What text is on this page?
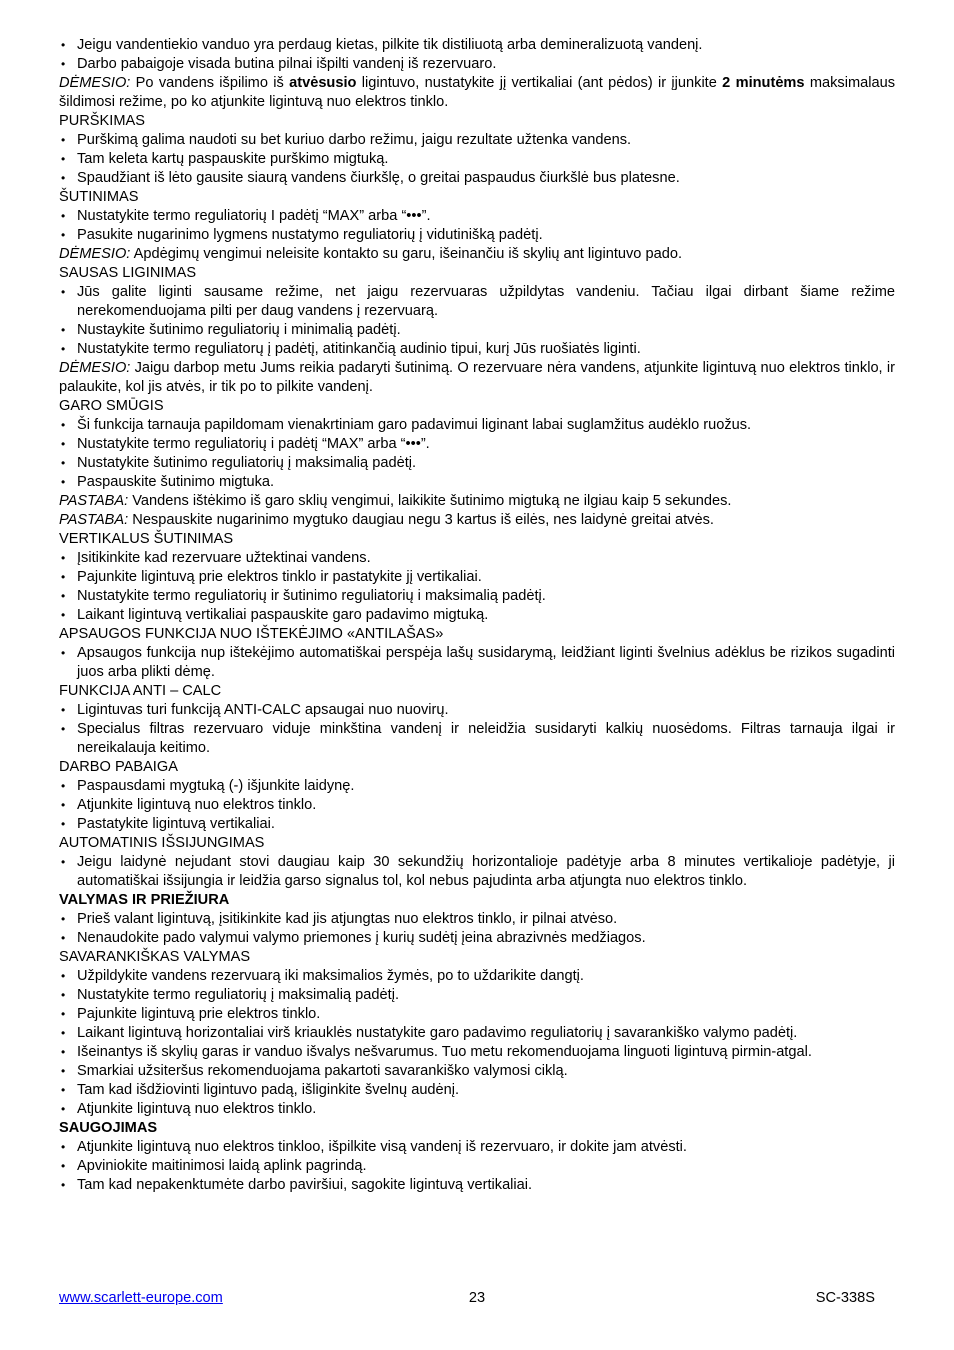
• Jeigu vandentiekio vanduo yra perdaug kietas, pilkite tik distiliuotą arba demineralizuotą vandenį.
• Darbo pabaigoje visada butina pilnai išpilti vandenį iš rezervuaro.
DĖMESIO: Po vandens išpilimo iš atvėsusio ligintuvo, nustatykite jį vertikaliai (ant pėdos) ir įjunkite 2 minutėms maksimalaus šildimosi režime, po ko atjunkite ligintuvą nuo elektros tinklo.
PURŠKIMAS
• Purškimą galima naudoti su bet kuriuo darbo režimu, jaigu rezultate užtenka vandens.
• Tam keleta kartų paspauskite purškimo migtuką.
• Spaudžiant iš lėto gausite siaurą vandens čiurkšlę, o greitai paspaudus čiurkšlė bus platesne.
ŠUTINIMAS
• Nustatykite termo reguliatorių I padėtį “MAX” arba “•••”.
• Pasukite nugarinimo lygmens nustatymo reguliatorių į vidutinišką padėtį.
DĖMESIO: Apdėgimų vengimui neleisite kontakto su garu, išeinančiu iš skylių ant ligintuvo pado.
SAUSAS LIGINIMAS
• Jūs galite liginti sausame režime, net jaigu rezervuaras užpildytas vandeniu. Tačiau ilgai dirbant šiame režime nerekomenduojama pilti per daug vandens į rezervuarą.
• Nustaykite šutinimo reguliatorių i minimalią padėtį.
• Nustatykite termo reguliatorų į padėtį, atitinkančią audinio tipui, kurį Jūs ruošiatės liginti.
DĖMESIO: Jaigu darbop metu Jums reikia padaryti šutinimą. O rezervuare nėra vandens, atjunkite ligintuvą nuo elektros tinklo, ir palaukite, kol jis atvės, ir tik po to pilkite vandenį.
GARO SMŪGIS
• Ši funkcija tarnauja papildomam vienakrtiniam garo padavimui liginant labai suglamžitus audėklo ruožus.
• Nustatykite termo reguliatorių i padėtį “MAX” arba “•••”.
• Nustatykite šutinimo reguliatorių į maksimalią padėtį.
• Paspauskite šutinimo migtuka.
PASTABA: Vandens ištėkimo iš garo sklių vengimui, laikikite šutinimo migtuką ne ilgiau kaip 5 sekundes.
PASTABA: Nespauskite nugarinimo mygtuko daugiau negu 3 kartus iš eilės, nes laidynė greitai atvės.
VERTIKALUS ŠUTINIMAS
• Įsitikinkite kad rezervuare užtektinai vandens.
• Pajunkite ligintuvą prie elektros tinklo ir pastatykite jį vertikaliai.
• Nustatykite termo reguliatorių ir šutinimo reguliatorių i maksimalią padėtį.
• Laikant ligintuvą vertikaliai paspauskite garo padavimo migtuką.
APSAUGOS FUNKCIJA NUO IŠTEKĖJIMO «ANTILAŠAS»
• Apsaugos funkcija nup ištekėjimo automatiškai perspėja lašų susidarymą, leidžiant liginti švelnius adėklus be rizikos sugadinti juos arba plikti dėmę.
FUNKCIJA ANTI – CALC
• Ligintuvas turi funkciją ANTI-CALC apsaugai nuo nuovirų.
• Specialus filtras rezervuaro viduje minkština vandenį ir neleidžia susidaryti kalkių nuosėdoms. Filtras tarnauja ilgai ir nereikalauja keitimo.
DARBO PABAIGA
• Paspausdami mygtuką (-) išjunkite laidynę.
• Atjunkite ligintuvą nuo elektros tinklo.
• Pastatykite ligintuvą vertikaliai.
AUTOMATINIS IŠSIJUNGIMAS
• Jeigu laidynė nejudant stovi daugiau kaip 30 sekundžių horizontalioje padėtyje arba 8 minutes vertikalioje padėtyje, ji automatiškai išsijungia ir leidžia garso signalus tol, kol nebus pajudinta arba atjungta nuo elektros tinklo.
VALYMAS IR PRIEŽIURA
• Prieš valant ligintuvą, įsitikinkite kad jis atjungtas nuo elektros tinklo, ir pilnai atvėso.
• Nenaudokite pado valymui valymo priemones į kurių sudėtį įeina abrazivnės medžiagos.
SAVARANKIŠKAS VALYMAS
• Užpildykite vandens rezervuarą iki maksimalios žymės, po to uždarikite dangtį.
• Nustatykite termo reguliatorių į maksimalią padėtį.
• Pajunkite ligintuvą prie elektros tinklo.
• Laikant ligintuvą horizontaliai virš kriauklės nustatykite garo padavimo reguliatorių į savarankiško valymo padėtį.
• Išeinantys iš skylių garas ir vanduo išvalys nešvarumus. Tuo metu rekomenduojama linguoti ligintuvą pirmin-atgal.
• Smarkiai užsiteršus rekomenduojama pakartoti savarankiško valymosi ciklą.
• Tam kad išdžiovinti ligintuvo padą, išliginkite švelnų audėnį.
• Atjunkite ligintuvą nuo elektros tinklo.
SAUGOJIMAS
• Atjunkite ligintuvą nuo elektros tinkloo, išpilkite visą vandenį iš rezervuaro, ir dokite jam atvėsti.
• Apviniokite maitinimosi laidą aplink pagrindą.
• Tam kad nepakenktumėte darbo paviršiui, sagokite ligintuvą vertikaliai.
www.scarlett-europe.com	23	SC-338S
